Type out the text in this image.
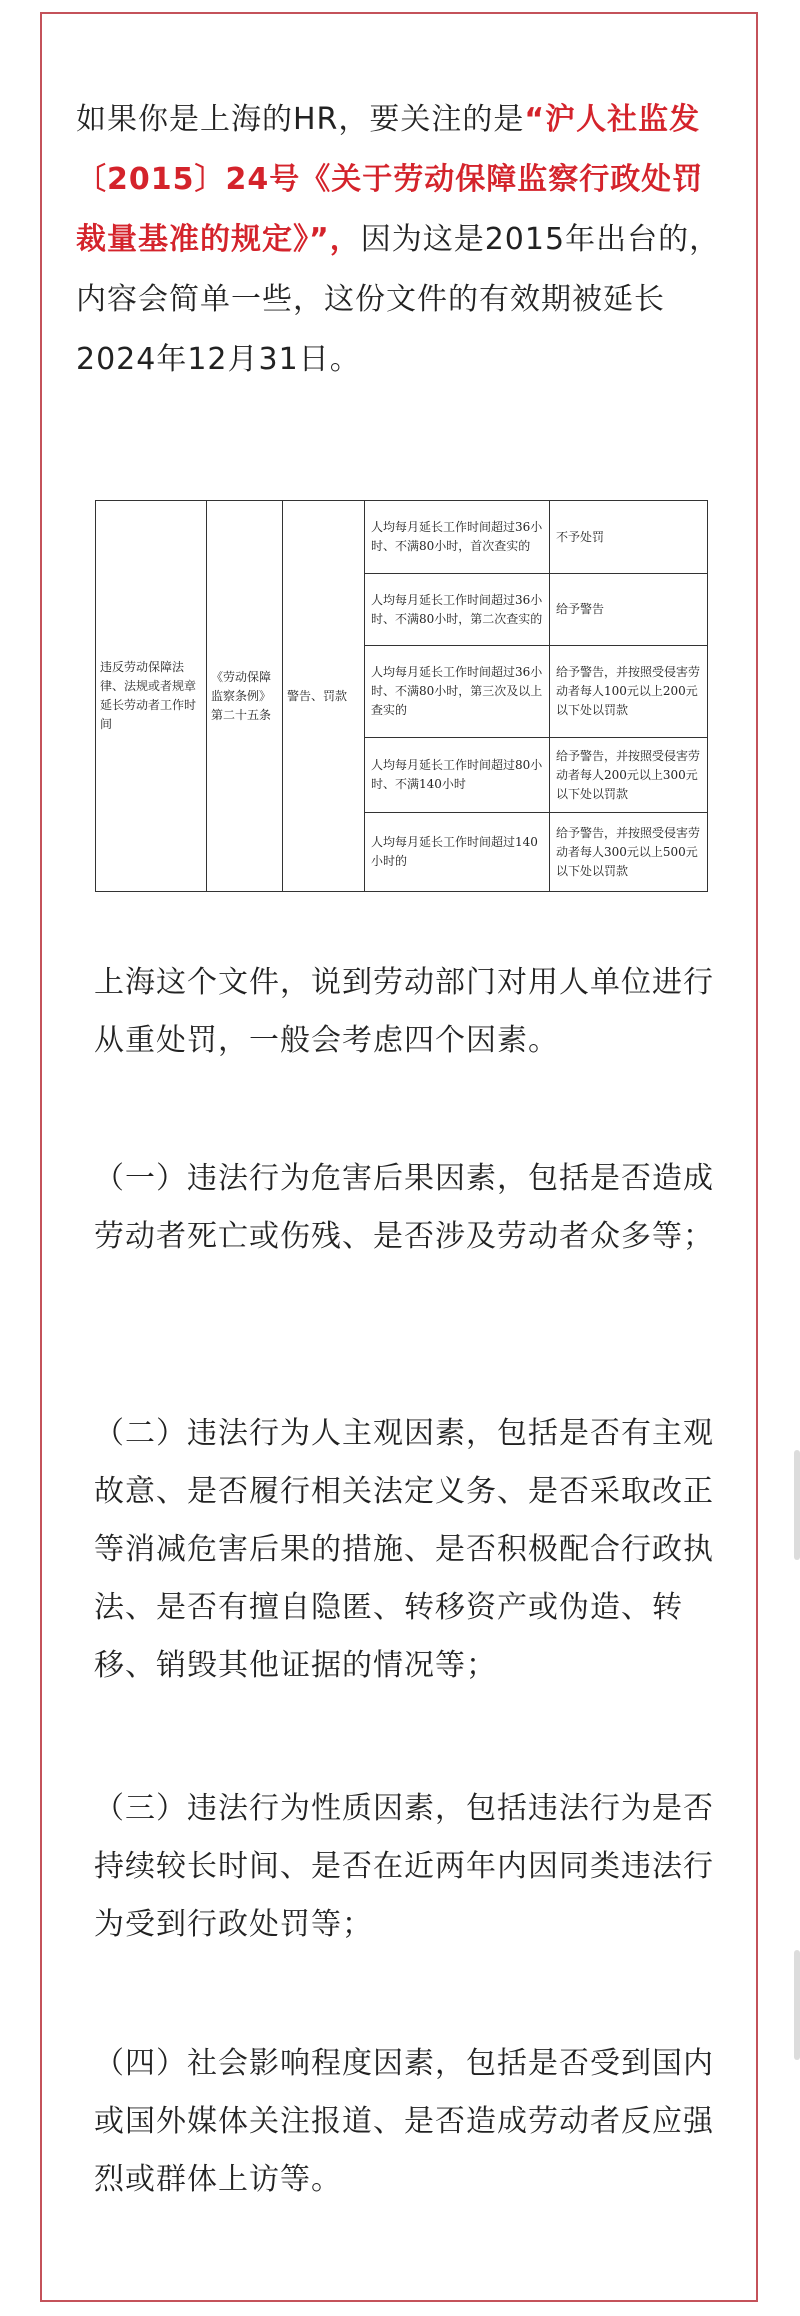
如果你是上海的HR，要关注的是“沪人社监发〔2015〕24号《关于劳动保障监察行政处罚裁量基准的规定》”，因为这是2015年出台的，内容会简单一些，这份文件的有效期被延长2024年12月31日。

违反劳动保障法律、法规或者规章延长劳动者工作时间	《劳动保障监察条例》第二十五条	警告、罚款	人均每月延长工作时间超过36小时、不满80小时，首次查实的	不予处罚
			人均每月延长工作时间超过36小时、不满80小时，第二次查实的	给予警告
			人均每月延长工作时间超过36小时、不满80小时，第三次及以上查实的	给予警告，并按照受侵害劳动者每人100元以上200元以下处以罚款
			人均每月延长工作时间超过80小时、不满140小时	给予警告，并按照受侵害劳动者每人200元以上300元以下处以罚款
			人均每月延长工作时间超过140小时的	给予警告，并按照受侵害劳动者每人300元以上500元以下处以罚款

上海这个文件，说到劳动部门对用人单位进行从重处罚，一般会考虑四个因素。

（一）违法行为危害后果因素，包括是否造成劳动者死亡或伤残、是否涉及劳动者众多等；

（二）违法行为人主观因素，包括是否有主观故意、是否履行相关法定义务、是否采取改正等消减危害后果的措施、是否积极配合行政执法、是否有擅自隐匿、转移资产或伪造、转移、销毁其他证据的情况等；

（三）违法行为性质因素，包括违法行为是否持续较长时间、是否在近两年内因同类违法行为受到行政处罚等；

（四）社会影响程度因素，包括是否受到国内或国外媒体关注报道、是否造成劳动者反应强烈或群体上访等。
